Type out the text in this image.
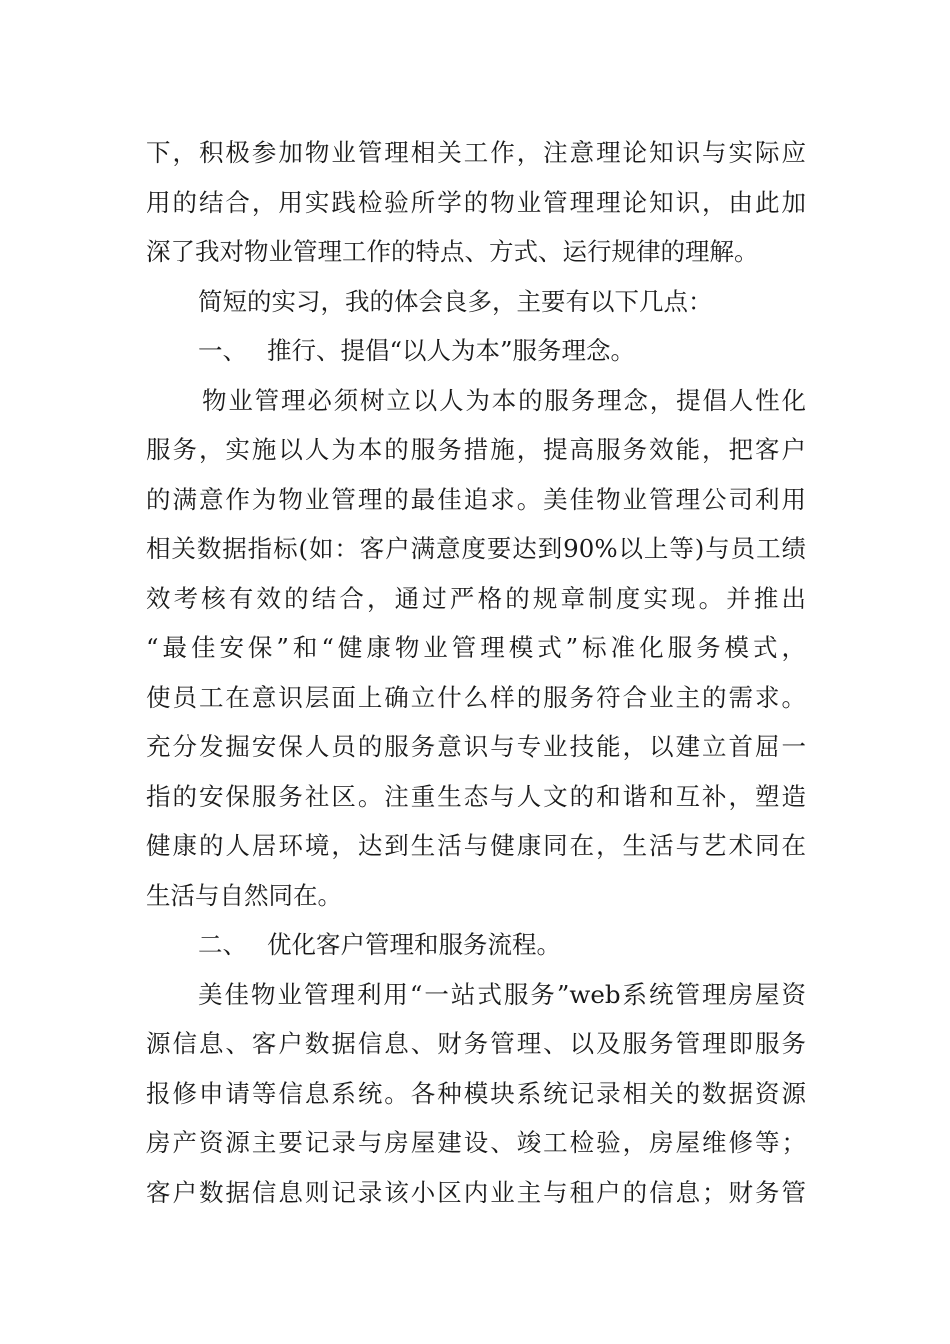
下，积极参加物业管理相关工作，注意理论知识与实际应
用的结合，用实践检验所学的物业管理理论知识，由此加
深了我对物业管理工作的特点、方式、运行规律的理解。
简短的实习，我的体会良多，主要有以下几点：
一、 推行、提倡“以人为本”服务理念。
物业管理必须树立以人为本的服务理念，提倡人性化
服务，实施以人为本的服务措施，提高服务效能，把客户
的满意作为物业管理的最佳追求。美佳物业管理公司利用
相关数据指标(如：客户满意度要达到90%以上等)与员工绩
效考核有效的结合，通过严格的规章制度实现。并推出
“最佳安保”和“健康物业管理模式”标准化服务模式，
使员工在意识层面上确立什么样的服务符合业主的需求。
充分发掘安保人员的服务意识与专业技能，以建立首屈一
指的安保服务社区。注重生态与人文的和谐和互补，塑造
健康的人居环境，达到生活与健康同在，生活与艺术同在
生活与自然同在。
二、 优化客户管理和服务流程。
美佳物业管理利用“一站式服务”web系统管理房屋资
源信息、客户数据信息、财务管理、以及服务管理即服务
报修申请等信息系统。各种模块系统记录相关的数据资源
房产资源主要记录与房屋建设、竣工检验，房屋维修等；
客户数据信息则记录该小区内业主与租户的信息；财务管
